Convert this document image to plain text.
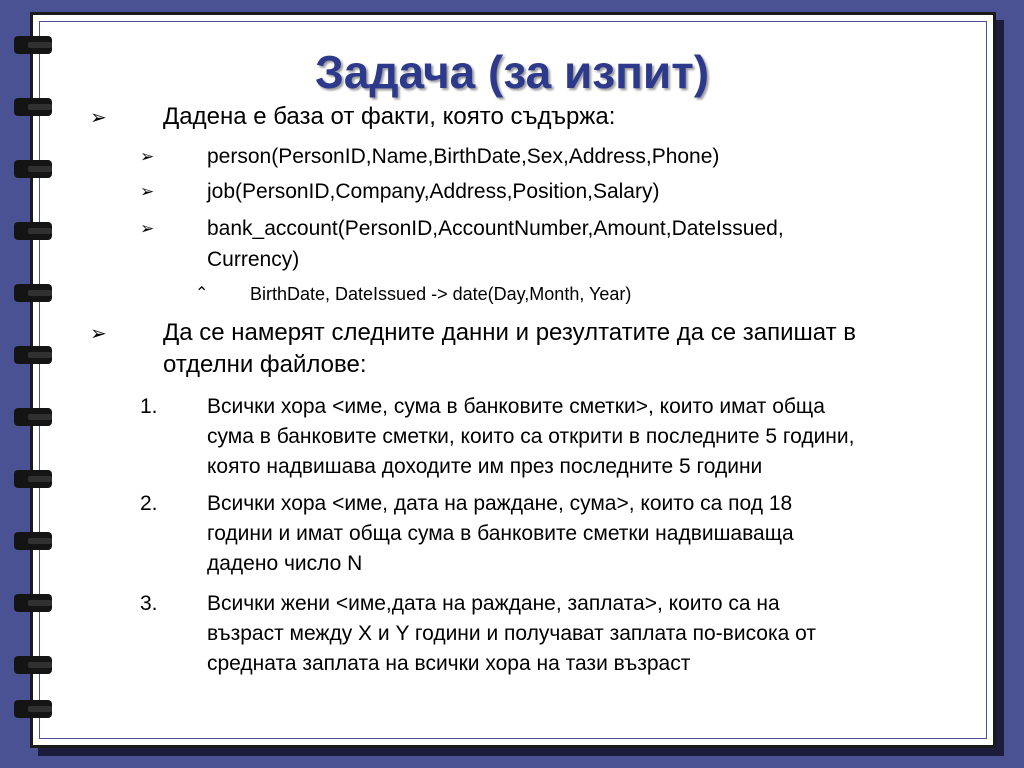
Задача (за изпит)
➢ Дадена е база от факти, която съдържа:
➢	person(PersonID,Name,BirthDate,Sex,Address,Phone)
➢	job(PersonID,Company,Address,Position,Salary)
➢	bank_account(PersonID,AccountNumber,Amount,DateIssued,
Currency)
⌃ BirthDate, DateIssued -> date(Day,Month, Year)
➢ Да се намерят следните данни и резултатите да се запишат в
отделни файлове:
1. Всички хора <име, сума в банковите сметки>, които имат обща
сума в банковите сметки, които са открити в последните 5 години,
която надвишава доходите им през последните 5 години
2. Всички хора <име, дата на раждане, сума>, които са под 18
години и имат обща сума в банковите сметки надвишаваща
дадено число N
3. Всички жени <име,дата на раждане, заплата>, които са на
възраст между X и Y години и получават заплата по-висока от
средната заплата на всички хора на тази възраст
